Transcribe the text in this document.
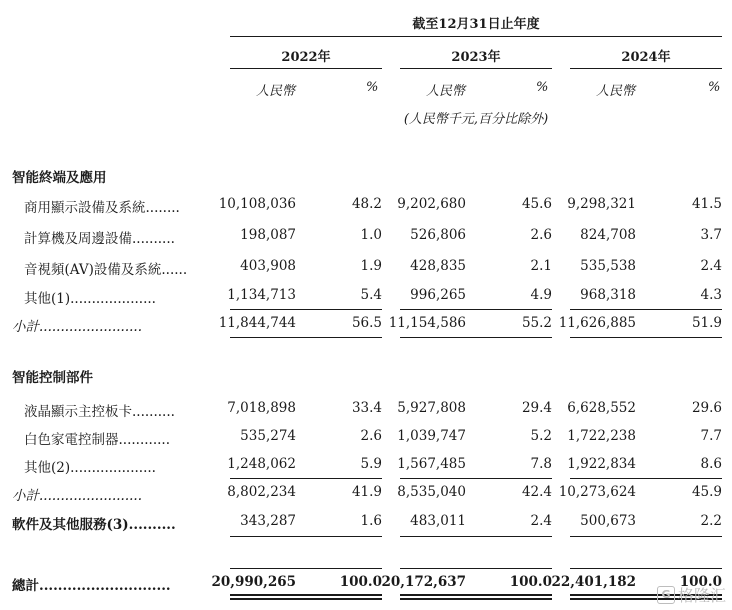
截至12月31日止年度
2022年	2023年	2024年
人民幣	%	人民幣	%	人民幣	%
(人民幣千元,百分比除外)
智能終端及應用
商用顯示設備及系統........	10,108,036	48.2	9,202,680	45.6	9,298,321	41.5
計算機及周邊設備..........	198,087	1.0	526,806	2.6	824,708	3.7
音視頻(AV)設備及系統......	403,908	1.9	428,835	2.1	535,538	2.4
其他(1)....................	1,134,713	5.4	996,265	4.9	968,318	4.3
小計........................	11,844,744	56.5 11,154,586	55.2 11,626,885	51.9
液晶顯示主控板卡..........	7,018,898	33.4	5,927,808	29.4	6,628,552	29.6
白色家電控制器............	535,274	2.6	1,039,747	5.2	1,722,238	7.7
其他(2)....................	1,248,062	5.9	1,567,485	7.8	1,922,834	8.6
小計........................	8,802,234	41.9	8,535,040	42.4 10,273,624	45.9
軟件及其他服務(3)..........	343,287	1.6	483,011	2.4	500,673	2.2
總計............................	20,990,265	100.0 20,172,637	100.0 22,401,182	100.0
智能控制部件
G 格隆汇
